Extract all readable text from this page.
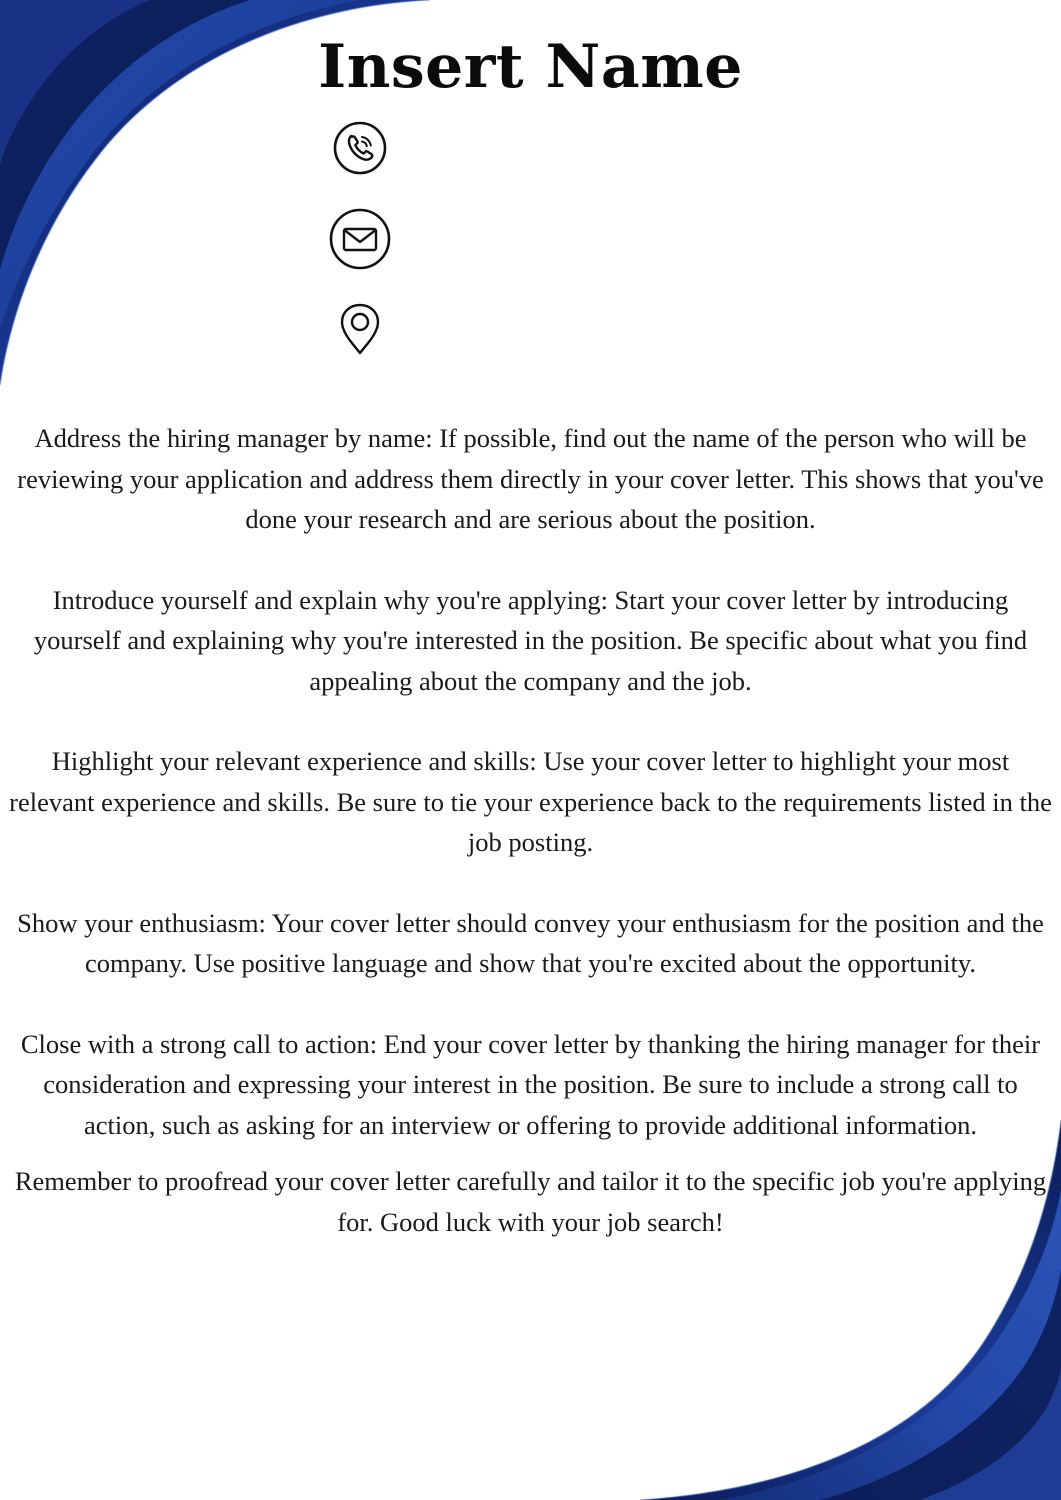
Insert Name

Address the hiring manager by name: If possible, find out the name of the person who will be reviewing your application and address them directly in your cover letter. This shows that you've done your research and are serious about the position.

Introduce yourself and explain why you're applying: Start your cover letter by introducing yourself and explaining why you're interested in the position. Be specific about what you find appealing about the company and the job.

Highlight your relevant experience and skills: Use your cover letter to highlight your most relevant experience and skills. Be sure to tie your experience back to the requirements listed in the job posting.

Show your enthusiasm: Your cover letter should convey your enthusiasm for the position and the company. Use positive language and show that you're excited about the opportunity.

Close with a strong call to action: End your cover letter by thanking the hiring manager for their consideration and expressing your interest in the position. Be sure to include a strong call to action, such as asking for an interview or offering to provide additional information.

Remember to proofread your cover letter carefully and tailor it to the specific job you're applying for. Good luck with your job search!
